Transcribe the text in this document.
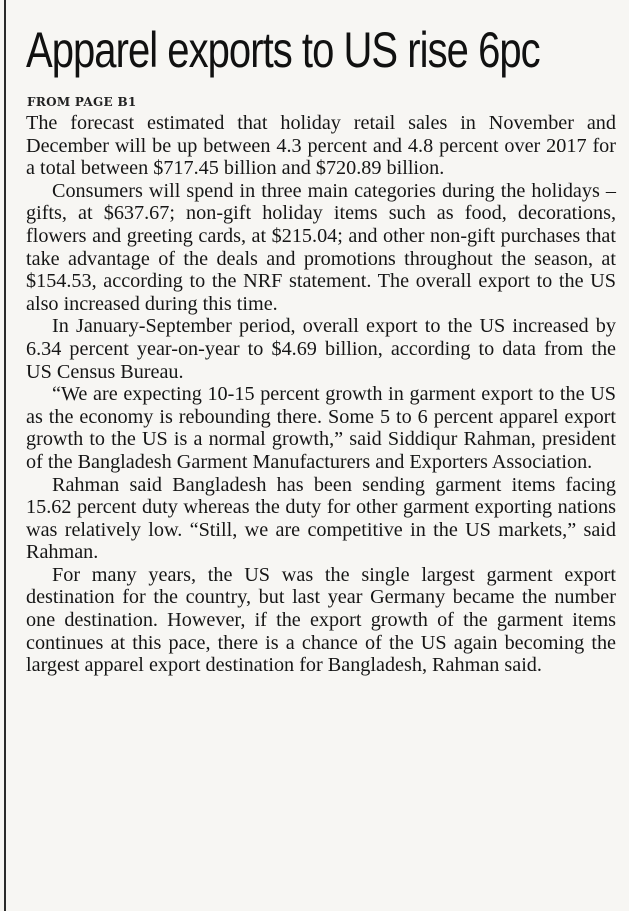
Apparel exports to US rise 6pc
FROM PAGE B1

The forecast estimated that holiday retail sales in November and December will be up between 4.3 percent and 4.8 percent over 2017 for a total between $717.45 billion and $720.89 billion.

Consumers will spend in three main categories during the holidays – gifts, at $637.67; non-gift holiday items such as food, decorations, flowers and greeting cards, at $215.04; and other non-gift purchases that take advantage of the deals and promotions throughout the season, at $154.53, according to the NRF statement. The overall export to the US also increased during this time.

In January-September period, overall export to the US increased by 6.34 percent year-on-year to $4.69 billion, according to data from the US Census Bureau.

“We are expecting 10-15 percent growth in garment export to the US as the economy is rebounding there. Some 5 to 6 percent apparel export growth to the US is a normal growth,” said Siddiqur Rahman, president of the Bangladesh Garment Manufacturers and Exporters Association.

Rahman said Bangladesh has been sending garment items facing 15.62 percent duty whereas the duty for other garment exporting nations was relatively low. “Still, we are competitive in the US markets,” said Rahman.

For many years, the US was the single largest garment export destination for the country, but last year Germany became the number one destination. However, if the export growth of the garment items continues at this pace, there is a chance of the US again becoming the largest apparel export destination for Bangladesh, Rahman said.
